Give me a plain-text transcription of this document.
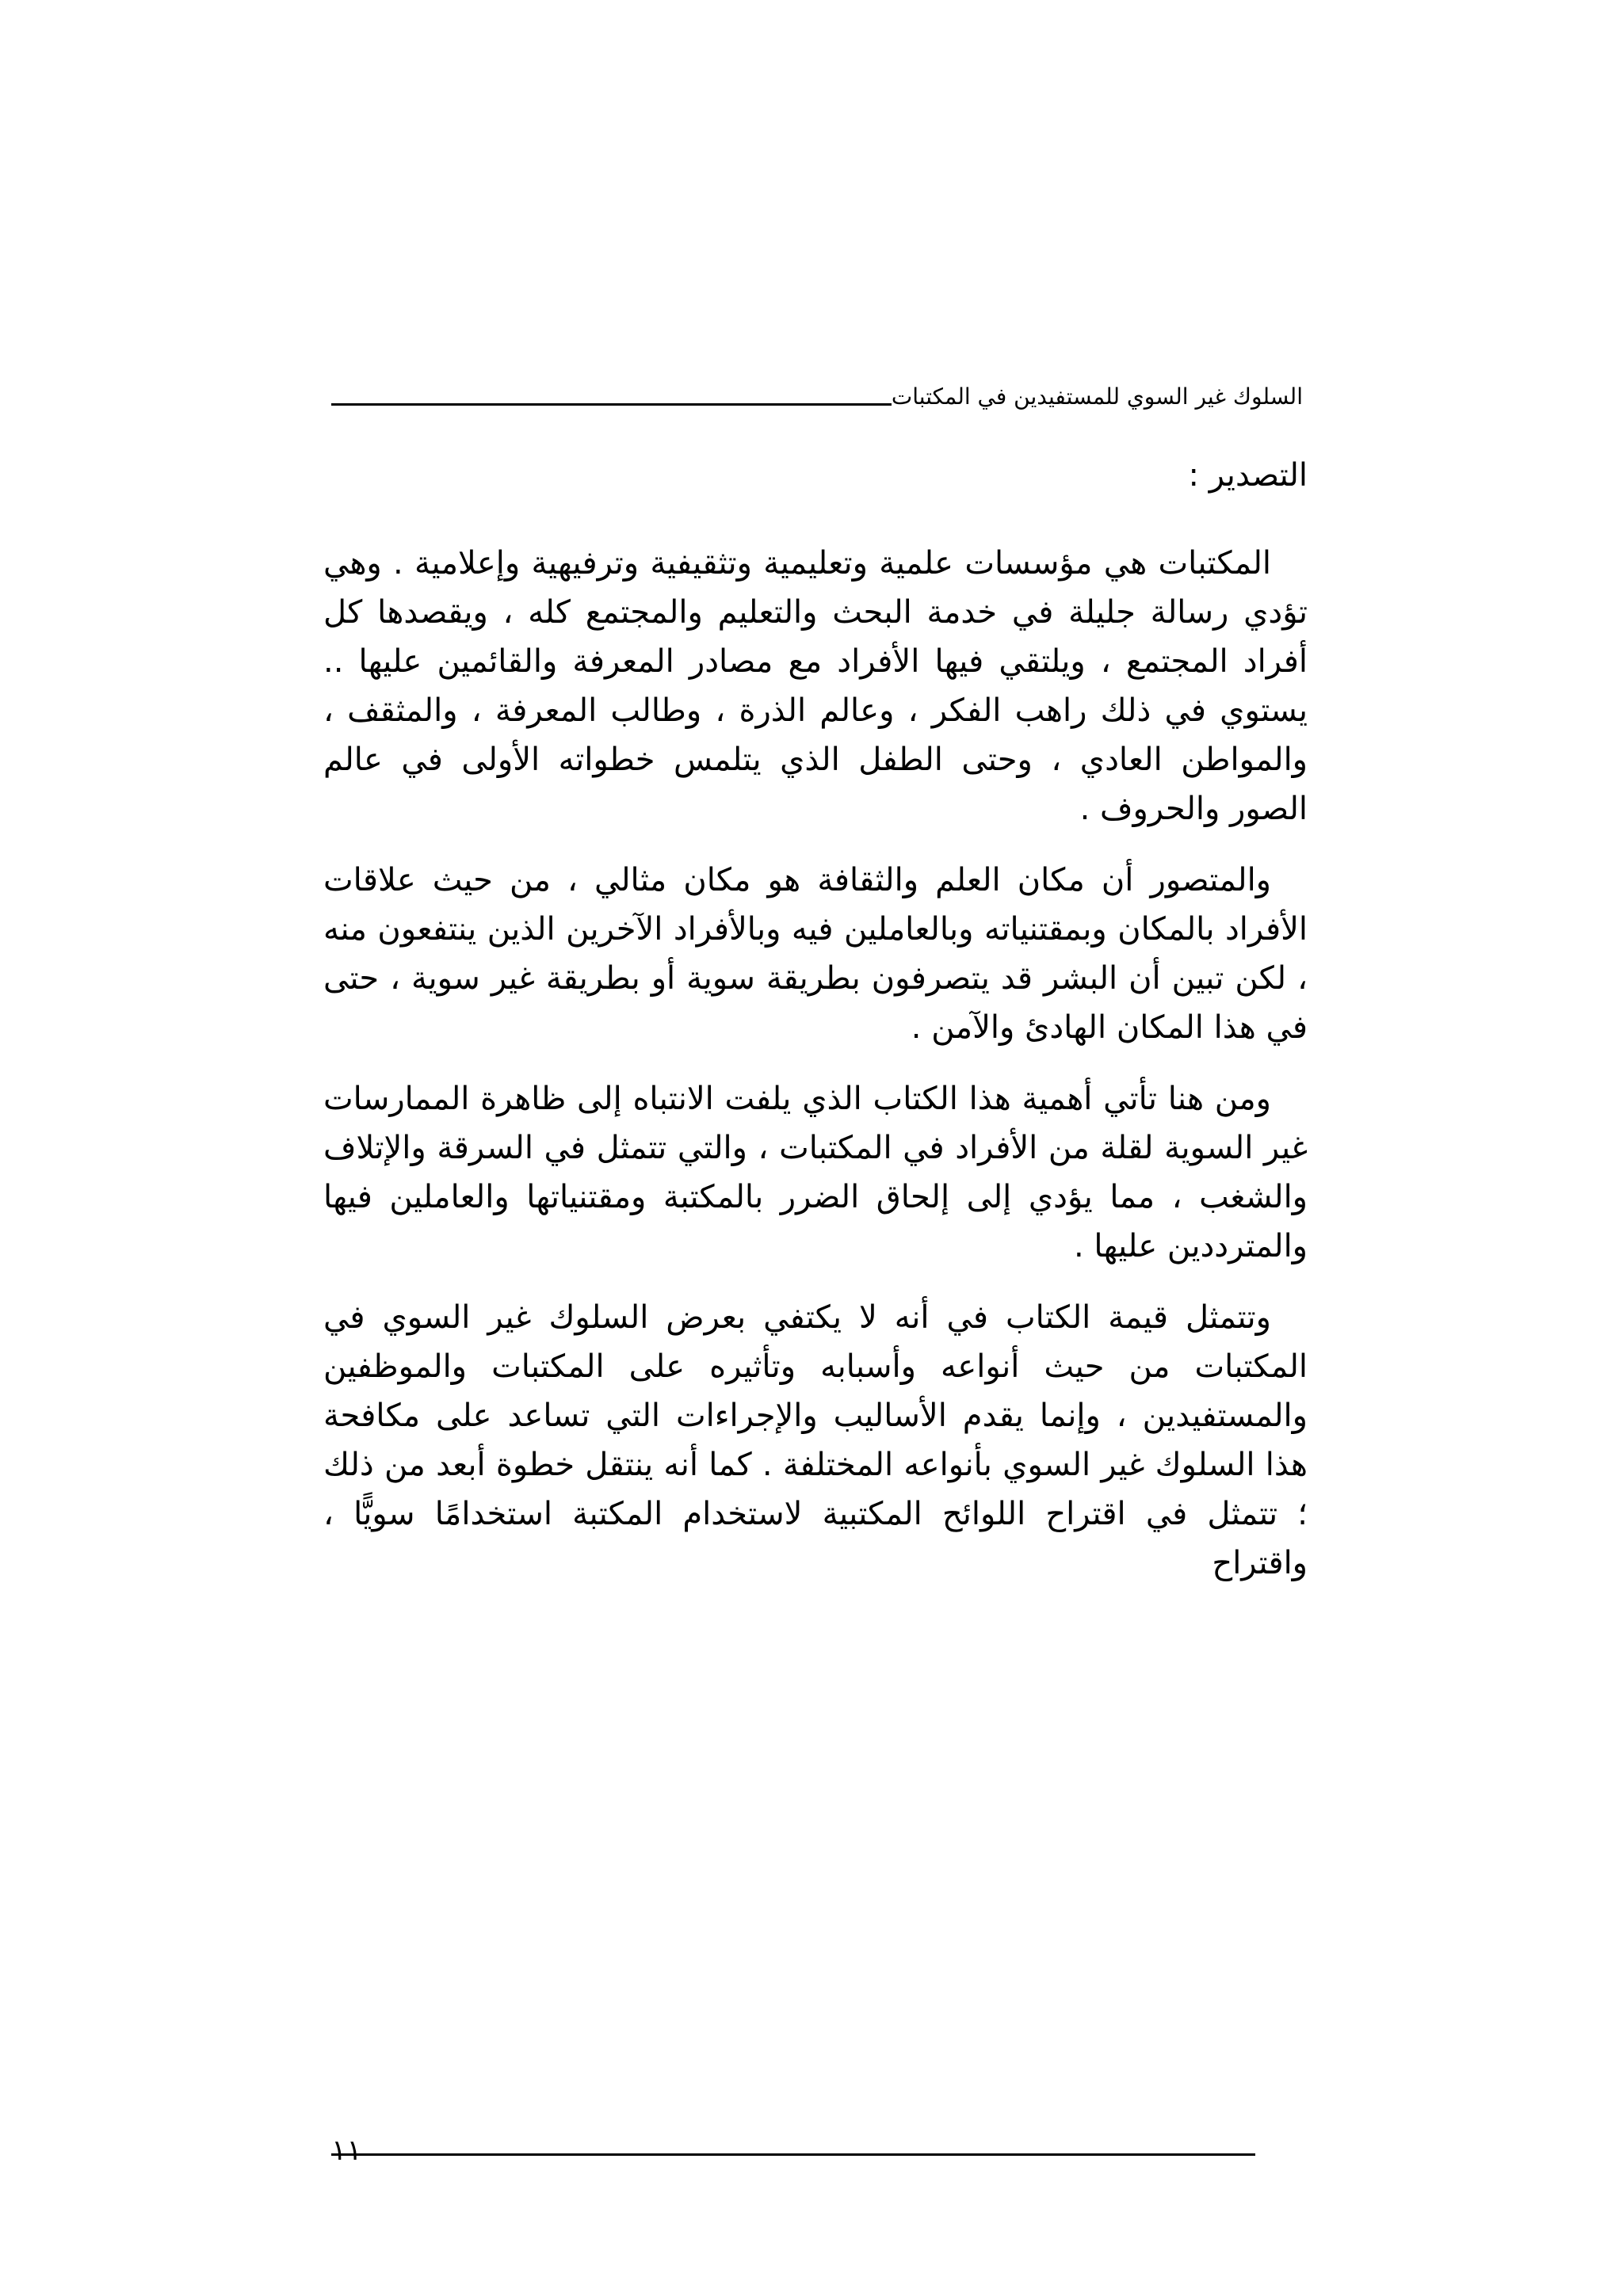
السلوك غير السوي للمستفيدين في المكتبات
التصدير :

المكتبات هي مؤسسات علمية وتعليمية وتثقيفية وترفيهية وإعلامية . وهي تؤدي رسالة جليلة في خدمة البحث والتعليم والمجتمع كله ، ويقصدها كل أفراد المجتمع ، ويلتقي فيها الأفراد مع مصادر المعرفة والقائمين عليها .. يستوي في ذلك راهب الفكر ، وعالم الذرة ، وطالب المعرفة ، والمثقف ، والمواطن العادي ، وحتى الطفل الذي يتلمس خطواته الأولى في عالم الصور والحروف .

والمتصور أن مكان العلم والثقافة هو مكان مثالي ، من حيث علاقات الأفراد بالمكان وبمقتنياته وبالعاملين فيه وبالأفراد الآخرين الذين ينتفعون منه ، لكن تبين أن البشر قد يتصرفون بطريقة سوية أو بطريقة غير سوية ، حتى في هذا المكان الهادئ والآمن .

ومن هنا تأتي أهمية هذا الكتاب الذي يلفت الانتباه إلى ظاهرة الممارسات غير السوية لقلة من الأفراد في المكتبات ، والتي تتمثل في السرقة والإتلاف والشغب ، مما يؤدي إلى إلحاق الضرر بالمكتبة ومقتنياتها والعاملين فيها والمترددين عليها .

وتتمثل قيمة الكتاب في أنه لا يكتفي بعرض السلوك غير السوي في المكتبات من حيث أنواعه وأسبابه وتأثيره على المكتبات والموظفين والمستفيدين ، وإنما يقدم الأساليب والإجراءات التي تساعد على مكافحة هذا السلوك غير السوي بأنواعه المختلفة . كما أنه ينتقل خطوة أبعد من ذلك ؛ تتمثل في اقتراح اللوائح المكتبية لاستخدام المكتبة استخدامًا سويًّا ، واقتراح

١١
